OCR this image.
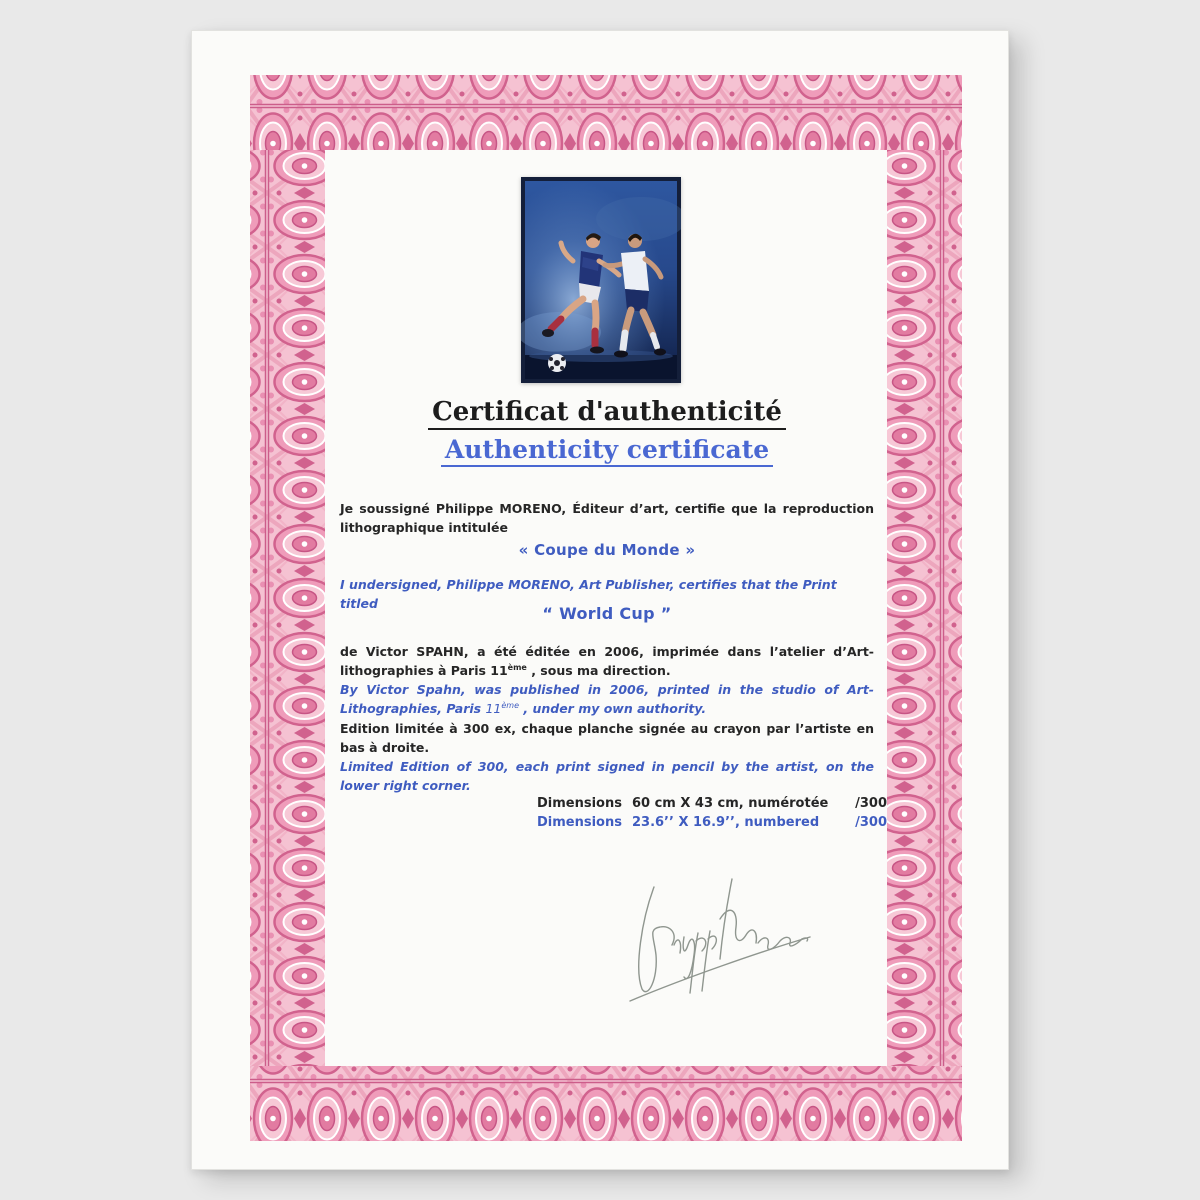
Certificat d'authenticité
Authenticity certificate

Je soussigné Philippe MORENO, Éditeur d’art, certifie que la reproduction lithographique intitulée

« Coupe du Monde »

I undersigned, Philippe MORENO, Art Publisher, certifies that the Print titled

“ World Cup ”

de Victor SPAHN, a été éditée en 2006, imprimée dans l’atelier d’Art-lithographies à Paris 11ème , sous ma direction.

By Victor Spahn, was published in 2006, printed in the studio of Art-Lithographies, Paris 11ème , under my own authority.

Edition limitée à 300 ex, chaque planche signée au crayon par l’artiste en bas à droite.

Limited Edition of 300, each print signed in pencil by the artist, on the lower right corner.

Dimensions 60 cm X 43 cm, numérotée /300
Dimensions 23.6’’ X 16.9’’, numbered	/300
